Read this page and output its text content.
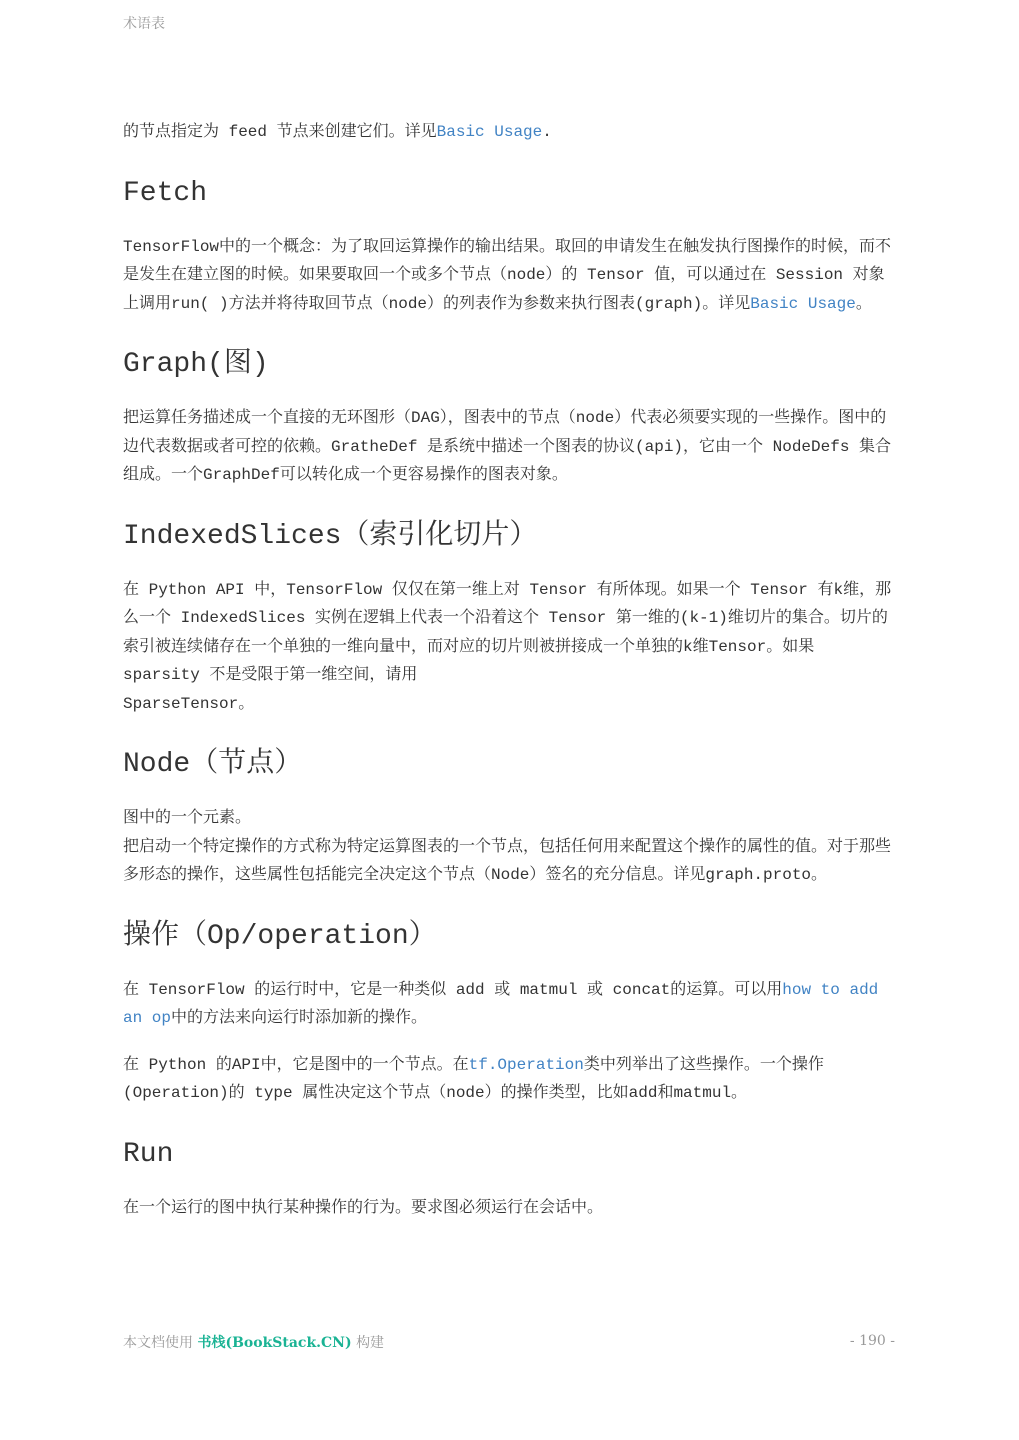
术语表

的节点指定为 feed 节点来创建它们。详见Basic Usage.

Fetch

TensorFlow中的一个概念：为了取回运算操作的输出结果。取回的申请发生在触发执行图操作的时候，而不是发生在建立图的时候。如果要取回一个或多个节点（node）的 Tensor 值，可以通过在 Session 对象上调用run( )方法并将待取回节点（node）的列表作为参数来执行图表(graph)。详见Basic Usage。

Graph(图)

把运算任务描述成一个直接的无环图形（DAG），图表中的节点（node）代表必须要实现的一些操作。图中的边代表数据或者可控的依赖。GratheDef 是系统中描述一个图表的协议(api)，它由一个 NodeDefs 集合组成。一个GraphDef可以转化成一个更容易操作的图表对象。

IndexedSlices（索引化切片）

在 Python API 中，TensorFlow 仅仅在第一维上对 Tensor 有所体现。如果一个 Tensor 有k维，那么一个 IndexedSlices 实例在逻辑上代表一个沿着这个 Tensor 第一维的(k-1)维切片的集合。切片的索引被连续储存在一个单独的一维向量中，而对应的切片则被拼接成一个单独的k维Tensor。如果 sparsity 不是受限于第一维空间，请用

SparseTensor。

Node（节点）

图中的一个元素。

把启动一个特定操作的方式称为特定运算图表的一个节点，包括任何用来配置这个操作的属性的值。对于那些多形态的操作，这些属性包括能完全决定这个节点（Node）签名的充分信息。详见graph.proto。

操作（Op/operation）

在 TensorFlow 的运行时中，它是一种类似 add 或 matmul 或 concat的运算。可以用how to add an op中的方法来向运行时添加新的操作。

在 Python 的API中，它是图中的一个节点。在tf.Operation类中列举出了这些操作。一个操作(Operation)的 type 属性决定这个节点（node）的操作类型，比如add和matmul。

Run

在一个运行的图中执行某种操作的行为。要求图必须运行在会话中。

本文档使用 书栈(BookStack.CN) 构建	- 190 -
